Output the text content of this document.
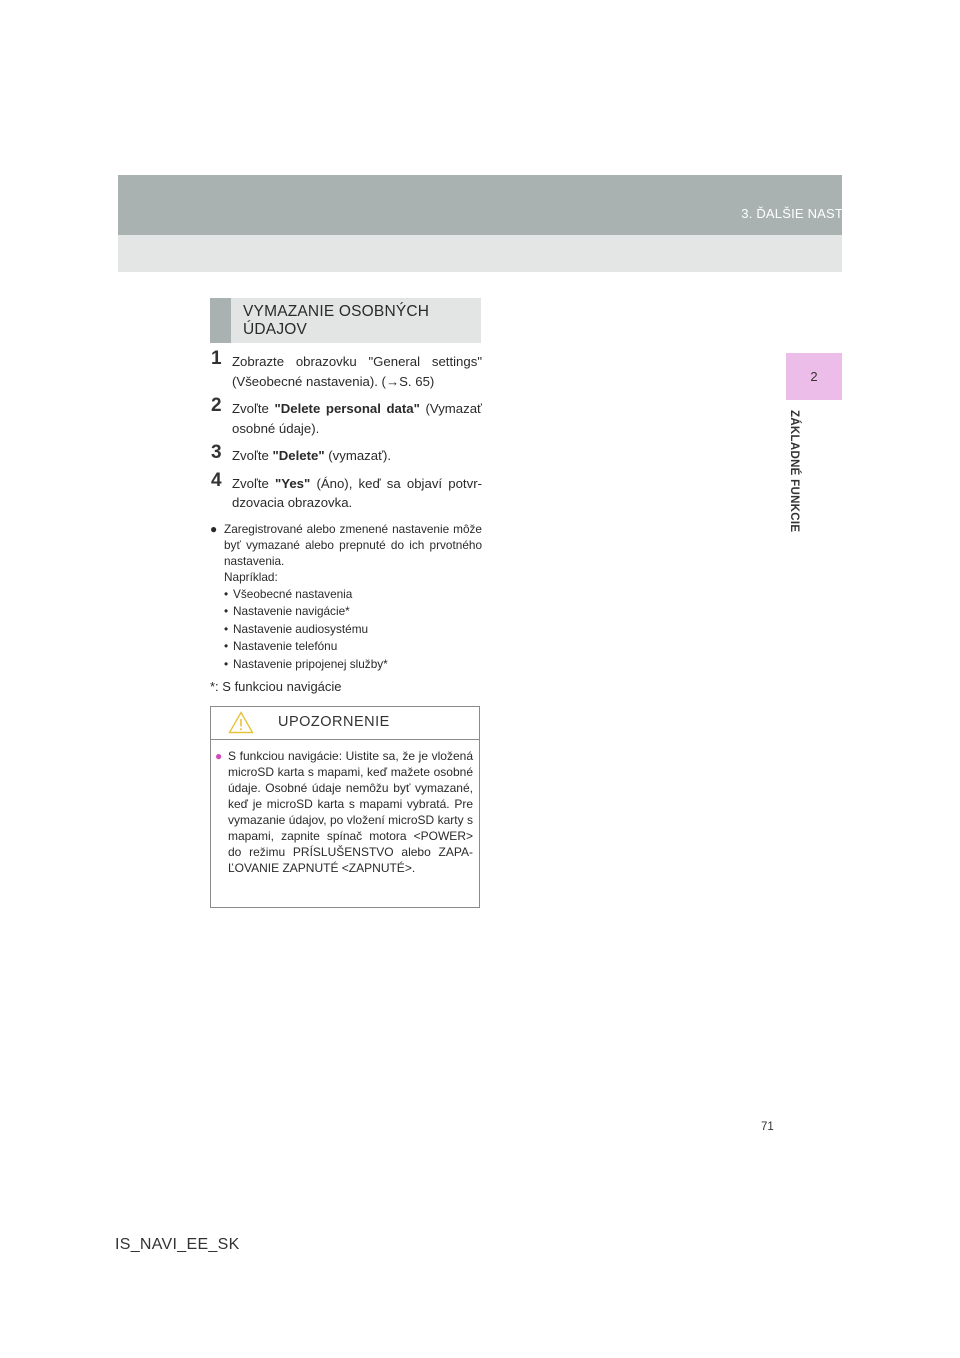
3. ĎALŠIE NASTAVENIA
2
ZÁKLADNÉ FUNKCIE
VYMAZANIE OSOBNÝCH
ÚDAJOV
1 Zobrazte obrazovku "General settings" (Všeobecné nastavenia). (→S. 65)
2 Zvoľte "Delete personal data" (Vymazať osobné údaje).
3 Zvoľte "Delete" (vymazať).
4 Zvoľte "Yes" (Áno), keď sa objaví potvrdzovacia obrazovka.
● Zaregistrované alebo zmenené nastavenie môže byť vymazané alebo prepnuté do ich prvotného nastavenia.
Napríklad:
• Všeobecné nastavenia
• Nastavenie navigácie*
• Nastavenie audiosystému
• Nastavenie telefónu
• Nastavenie pripojenej služby*
*: S funkciou navigácie
UPOZORNENIE
● S funkciou navigácie: Uistite sa, že je vložená microSD karta s mapami, keď mažete osobné údaje. Osobné údaje nemôžu byť vymazané, keď je microSD karta s mapami vybratá. Pre vymazanie údajov, po vložení microSD karty s mapami, zapnite spínač motora <POWER> do režimu PRÍSLUŠENSTVO alebo ZAPAĽOVANIE ZAPNUTÉ <ZAPNUTÉ>.
71
IS_NAVI_EE_SK
